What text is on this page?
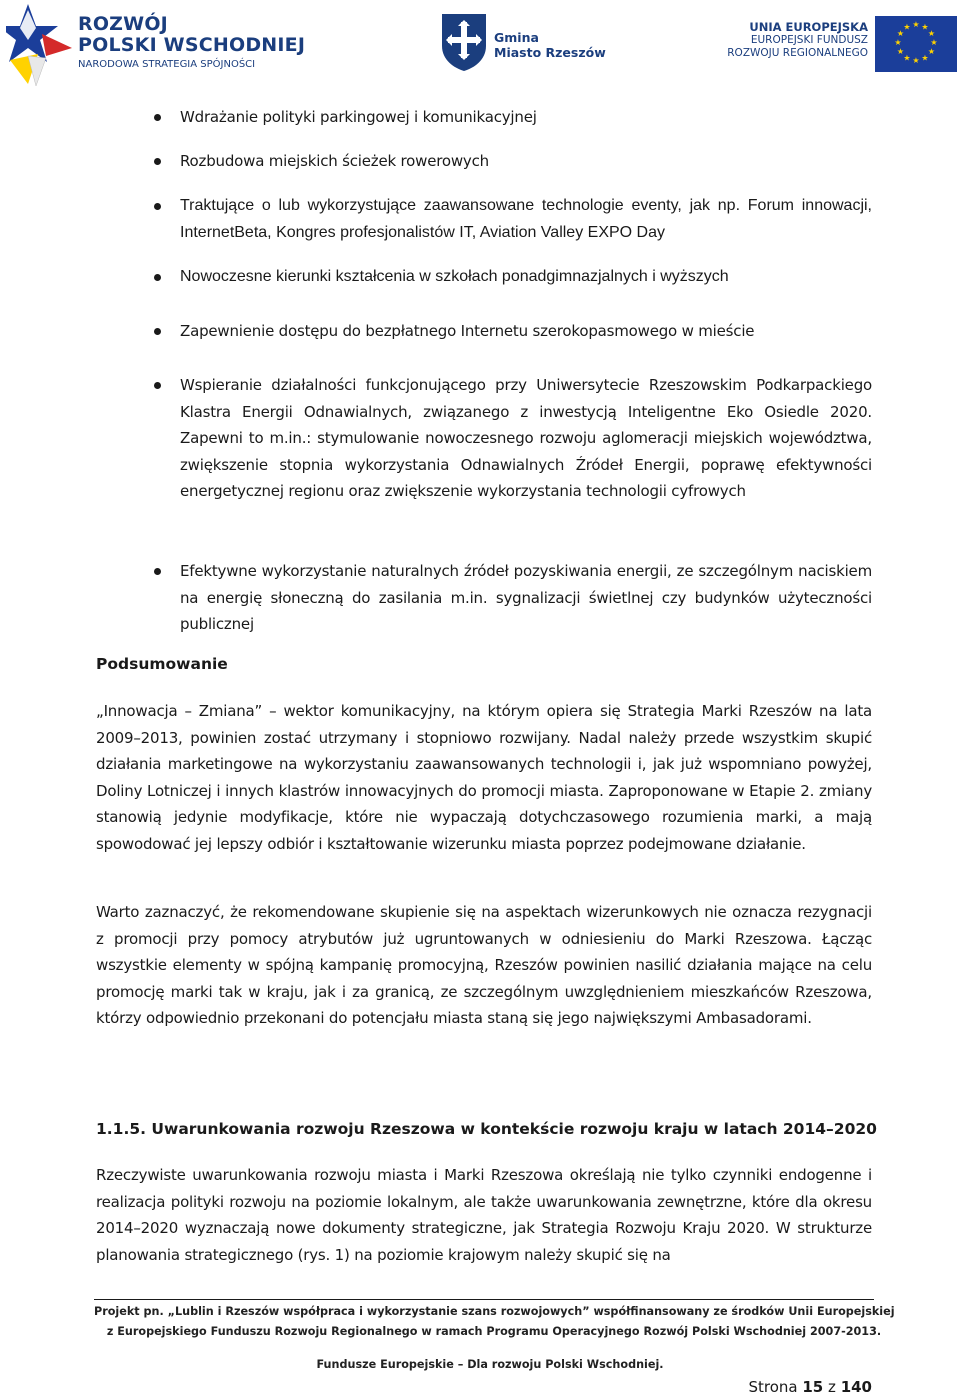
ROZWÓJ
POLSKI WSCHODNIEJ
NARODOWA STRATEGIA SPÓJNOŚCI
Gmina
Miasto Rzeszów
UNIA EUROPEJSKA
EUROPEJSKI FUNDUSZ
ROZWOJU REGIONALNEGO
★ ★
★
★
★
★
★
★
★
★
★
★
Wdrażanie polityki parkingowej i komunikacyjnej
Rozbudowa miejskich ścieżek rowerowych
Traktujące o lub wykorzystujące zaawansowane technologie eventy, jak np. Forum innowacji, InternetBeta, Kongres profesjonalistów IT, Aviation Valley EXPO Day
Nowoczesne kierunki kształcenia w szkołach ponadgimnazjalnych i wyższych
Zapewnienie dostępu do bezpłatnego Internetu szerokopasmowego w mieście
Wspieranie działalności funkcjonującego przy Uniwersytecie Rzeszowskim Podkarpackiego Klastra Energii Odnawialnych, związanego z inwestycją Inteligentne Eko Osiedle 2020. Zapewni to m.in.: stymulowanie nowoczesnego rozwoju aglomeracji miejskich województwa, zwiększenie stopnia wykorzystania Odnawialnych Źródeł Energii, poprawę efektywności energetycznej regionu oraz zwiększenie wykorzystania technologii cyfrowych
Efektywne wykorzystanie naturalnych źródeł pozyskiwania energii, ze szczególnym naciskiem na energię słoneczną do zasilania m.in. sygnalizacji świetlnej czy budynków użyteczności publicznej
Podsumowanie
„Innowacja – Zmiana” – wektor komunikacyjny, na którym opiera się Strategia Marki Rzeszów na lata 2009–2013, powinien zostać utrzymany i stopniowo rozwijany. Nadal należy przede wszystkim skupić działania marketingowe na wykorzystaniu zaawansowanych technologii i, jak już wspomniano powyżej, Doliny Lotniczej i innych klastrów innowacyjnych do promocji miasta. Zaproponowane w Etapie 2. zmiany stanowią jedynie modyfikacje, które nie wypaczają dotychczasowego rozumienia marki, a mają spowodować jej lepszy odbiór i kształtowanie wizerunku miasta poprzez podejmowane działanie.
Warto zaznaczyć, że rekomendowane skupienie się na aspektach wizerunkowych nie oznacza rezygnacji z promocji przy pomocy atrybutów już ugruntowanych w odniesieniu do Marki Rzeszowa. Łącząc wszystkie elementy w spójną kampanię promocyjną, Rzeszów powinien nasilić działania mające na celu promocję marki tak w kraju, jak i za granicą, ze szczególnym uwzględnieniem mieszkańców Rzeszowa, którzy odpowiednio przekonani do potencjału miasta staną się jego największymi Ambasadorami.
1.1.5. Uwarunkowania rozwoju Rzeszowa w kontekście rozwoju kraju w latach 2014–2020
Rzeczywiste uwarunkowania rozwoju miasta i Marki Rzeszowa określają nie tylko czynniki endogenne i realizacja polityki rozwoju na poziomie lokalnym, ale także uwarunkowania zewnętrzne, które dla okresu 2014–2020 wyznaczają nowe dokumenty strategiczne, jak Strategia Rozwoju Kraju 2020. W strukturze planowania strategicznego (rys. 1) na poziomie krajowym należy skupić się na
Projekt pn. „Lublin i Rzeszów współpraca i wykorzystanie szans rozwojowych” współfinansowany ze środków Unii Europejskiej
z Europejskiego Funduszu Rozwoju Regionalnego w ramach Programu Operacyjnego Rozwój Polski Wschodniej 2007-2013.
Fundusze Europejskie – Dla rozwoju Polski Wschodniej.
Strona 15 z 140
